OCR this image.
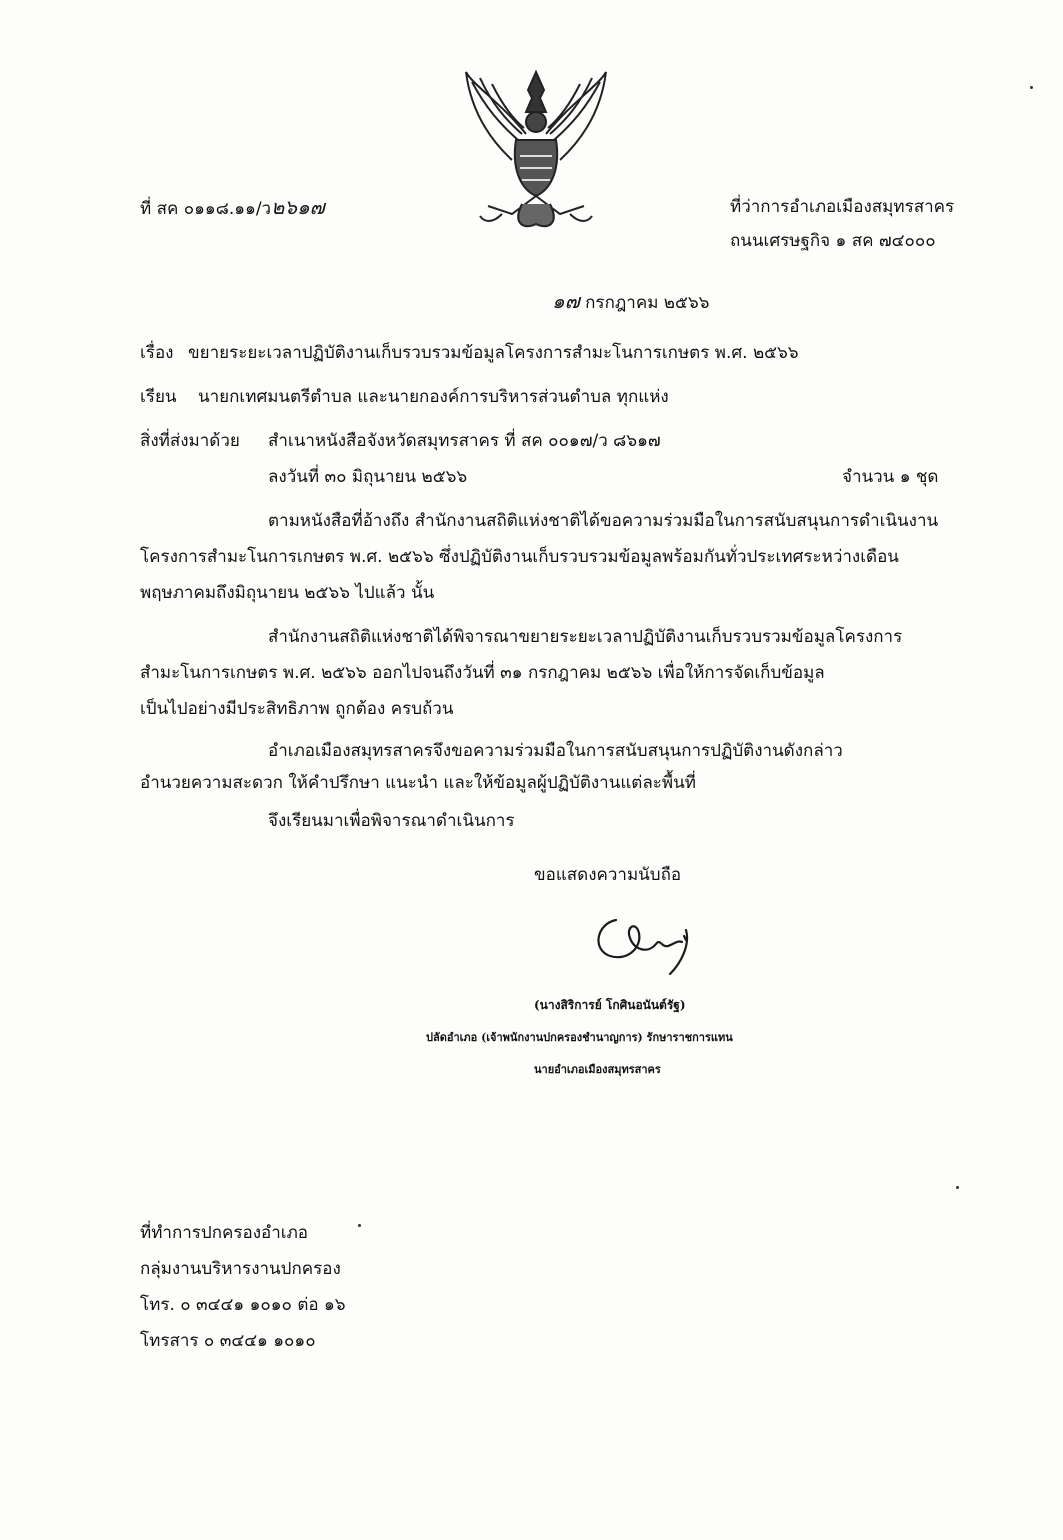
ที่ สค ๐๑๑๘.๑๑/ว๒๖๑๗	ที่ว่าการอำเภอเมืองสมุทรสาคร
ถนนเศรษฐกิจ ๑ สค ๗๔๐๐๐
๑๗ กรกฎาคม ๒๕๖๖
เรื่อง ขยายระยะเวลาปฏิบัติงานเก็บรวบรวมข้อมูลโครงการสำมะโนการเกษตร พ.ศ. ๒๕๖๖
เรียน นายกเทศมนตรีตำบล และนายกองค์การบริหารส่วนตำบล ทุกแห่ง
สิ่งที่ส่งมาด้วย สำเนาหนังสือจังหวัดสมุทรสาคร ที่ สค ๐๐๑๗/ว ๘๖๑๗
ลงวันที่ ๓๐ มิถุนายน ๒๕๖๖	จำนวน ๑ ชุด
ตามหนังสือที่อ้างถึง สำนักงานสถิติแห่งชาติได้ขอความร่วมมือในการสนับสนุนการดำเนินงาน
โครงการสำมะโนการเกษตร พ.ศ. ๒๕๖๖ ซึ่งปฏิบัติงานเก็บรวบรวมข้อมูลพร้อมกันทั่วประเทศระหว่างเดือน
พฤษภาคมถึงมิถุนายน ๒๕๖๖ ไปแล้ว นั้น
สำนักงานสถิติแห่งชาติได้พิจารณาขยายระยะเวลาปฏิบัติงานเก็บรวบรวมข้อมูลโครงการ
สำมะโนการเกษตร พ.ศ. ๒๕๖๖ ออกไปจนถึงวันที่ ๓๑ กรกฎาคม ๒๕๖๖ เพื่อให้การจัดเก็บข้อมูล
เป็นไปอย่างมีประสิทธิภาพ ถูกต้อง ครบถ้วน
อำเภอเมืองสมุทรสาครจึงขอความร่วมมือในการสนับสนุนการปฏิบัติงานดังกล่าว
อำนวยความสะดวก ให้คำปรึกษา แนะนำ และให้ข้อมูลผู้ปฏิบัติงานแต่ละพื้นที่
จึงเรียนมาเพื่อพิจารณาดำเนินการ
ขอแสดงความนับถือ
(นางสิริการย์ โกศินอนันต์รัฐ)
ปลัดอำเภอ (เจ้าพนักงานปกครองชำนาญการ) รักษาราชการแทน
นายอำเภอเมืองสมุทรสาคร
ที่ทำการปกครองอำเภอ
กลุ่มงานบริหารงานปกครอง
โทร. ๐ ๓๔๔๑ ๑๐๑๐ ต่อ ๑๖
โทรสาร ๐ ๓๔๔๑ ๑๐๑๐
